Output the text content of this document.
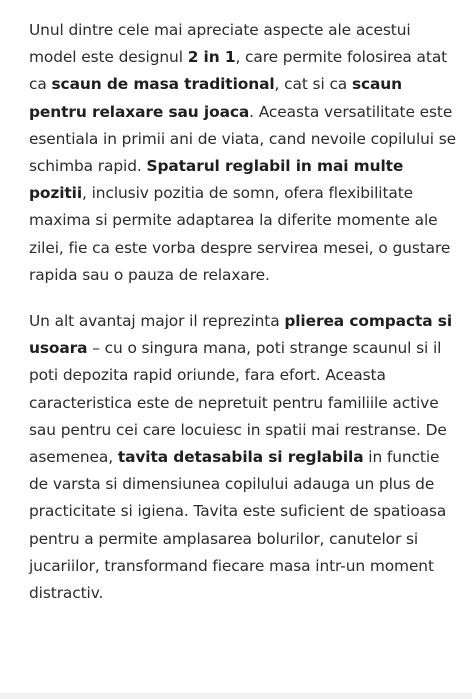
Unul dintre cele mai apreciate aspecte ale acestui model este designul 2 in 1, care permite folosirea atat ca scaun de masa traditional, cat si ca scaun pentru relaxare sau joaca. Aceasta versatilitate este esentiala in primii ani de viata, cand nevoile copilului se schimba rapid. Spatarul reglabil in mai multe pozitii, inclusiv pozitia de somn, ofera flexibilitate maxima si permite adaptarea la diferite momente ale zilei, fie ca este vorba despre servirea mesei, o gustare rapida sau o pauza de relaxare.

Un alt avantaj major il reprezinta plierea compacta si usoara – cu o singura mana, poti strange scaunul si il poti depozita rapid oriunde, fara efort. Aceasta caracteristica este de nepretuit pentru familiile active sau pentru cei care locuiesc in spatii mai restranse. De asemenea, tavita detasabila si reglabila in functie de varsta si dimensiunea copilului adauga un plus de practicitate si igiena. Tavita este suficient de spatioasa pentru a permite amplasarea bolurilor, canutelor si jucariilor, transformand fiecare masa intr-un moment distractiv.
